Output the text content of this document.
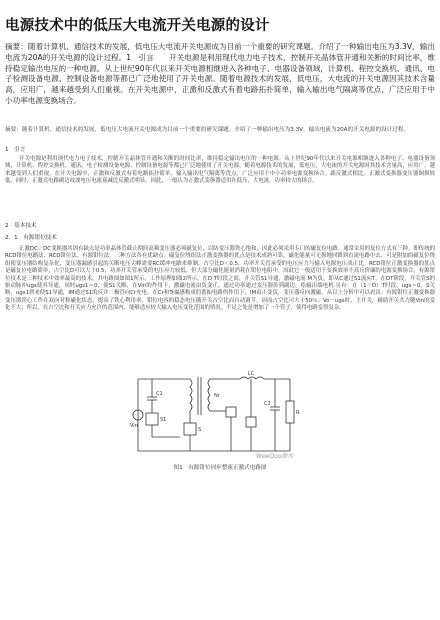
电源技术中的低压大电流开关电源的设计
摘要：随着计算机、通信技术的发展，低电压大电流开关电源成为目前一个重要的研究课题。介绍了一种输出电压为3.3V，输出电流为20A的开关电源的设计过程。1　引言　　开关电源是利用现代电力电子技术，控制开关晶体管开通和关断的时间比率，维持稳定输出电压的一种电源。从上世纪90年代以来开关电源相继进入各种电子、电器设备领域，计算机、程控交换机、通讯、电子检测设备电源、控制设备电源等都已广泛地使用了开关电源。随着电源技术的发展，低电压，大电流的开关电源因其技术含量高，应用广，越来越受到人们重视。在开关电源中，正激和反激式有着电路拓扑简单，输入输出电气隔离等优点，广泛应用于中小功率电源变换场合。
摘要：随着计算机、通信技术的发展，低电压大电流开关电源成为目前一个重要的研究课题。介绍了一种输出电压为3.3V，输出电流为20A的开关电源的设计过程。
1　引言
开关电源是利用现代电力电子技术，控制开关晶体管开通和关断的时间比率，维持稳定输出电压的一种电源。从上世纪90年代以来开关电源相继进入各种电子、电器设备领域，计算机、程控交换机、通讯、电子检测设备电源、控制设备电源等都已广泛地使用了开关电源。随着电源技术的发展，低电压，大电流的开关电源因其技术含量高，应用广，越来越受到人们重视。在开关电源中，正激和反激式有着电路拓扑简单，输入输出电气隔离等优点，广泛应用于中小功率电源变换场合。跟反激式相比，正激式变换器变压器铜损较低，同时，正激式电路副边纹波电压电流衰减比反激式明显，因此，一般认为正激式变换器适用在低压，大电流，功率较大的场合。
2　基本技术
2．1　有源钳位技术
正激DC／DC变换器其固有缺点是功率晶体管截止期间高频变压器必须磁复位，以防变压器铁心饱和，因此必须采用专门的磁复位电路。通常采用的复位方式有三种，即传统的RCD钳位电路法、RCD钳位法、有源钳位法。三种方法各有优缺点：磁复位绕组法正激变换器的优点是技术成熟可靠，磁化能量可无损地回馈到直流电路中去，可是附加的磁复位绕组使变压器结构复杂化，变压器漏感引起的关断电压尖峰需要RC缓冲电路来抑制，占空比D＜0.5，功率开关管承受的电压应力与输入电源电压成正比。RCD钳位正激变换器的优点是磁复位电路简单，占空比D可以大于0.5，功率开关管承受的电压应力较低，但大部分磁化能量消耗在钳位电阻中，因此它一般适用于变换效率不高且价廉的电源变换场合。有源钳位技术是三种技术中效率最高的技术，其电路图如图1所示，工作原理如图2所示。在D T时段之间，开关管S1导通，激磁电流 M为负，即从C通过S1流向T，在DT阶段，开关管S的驱动脉冲ugs使其导通，同时ugs1＝0，使S1关断，在Vin的作用下，激磁电流由负变正，通过功率通过变压器传到副边，绘输出端电机.另有：在（1－D）T时段，ugs＝0，S关断，ugs1到来使S1导通，IM通过S1的反并二极管向Cr充电，在Cr和Tr漏感构成的谐振电路的作用下，IM由正变负，变压器反向激磁，从以上分析中可以看出：有源钳位正激变换器变压器铁心工作在双向对称磁化状态，提高了铁心利用率，钳位电容的稳态电压随开关占空比而自动调节，因而占空比可大于50％；Vo－ugs时，主开关，辅助开关共力随Vin的变化不大；所以，在占空比和开关应力允许的范围内，能够适应较大输入电压变化范围的情况。不足之处是增加了一个管子，使得电路变得复杂。
C1
S1
S
Vin
Nr
LC
C2
R
WeeQoo维库
图1　有源钳位同步整流正激式电路图
